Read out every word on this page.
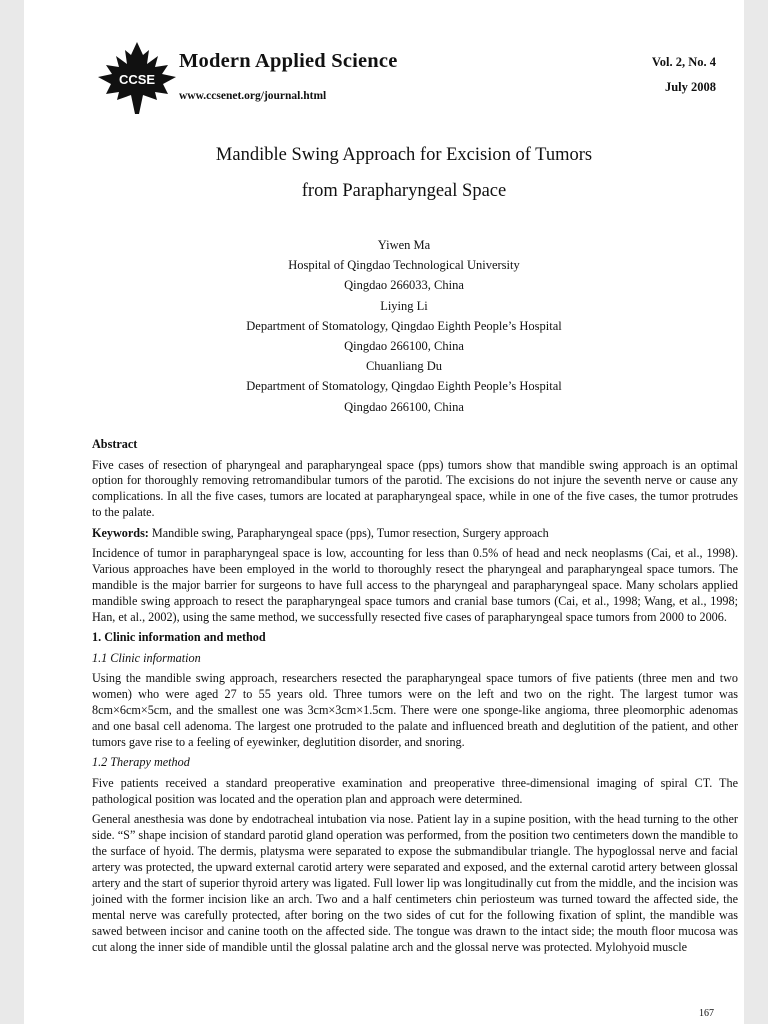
CCSE
Modern Applied Science
www.ccsenet.org/journal.html
Vol. 2, No. 4
July 2008
Mandible Swing Approach for Excision of Tumors
from Parapharyngeal Space
Yiwen Ma
Hospital of Qingdao Technological University
Qingdao 266033, China
Liying Li
Department of Stomatology, Qingdao Eighth People’s Hospital
Qingdao 266100, China
Chuanliang Du
Department of Stomatology, Qingdao Eighth People’s Hospital
Qingdao 266100, China
Abstract

Five cases of resection of pharyngeal and parapharyngeal space (pps) tumors show that mandible swing approach is an optimal option for thoroughly removing retromandibular tumors of the parotid. The excisions do not injure the seventh nerve or cause any complications. In all the five cases, tumors are located at parapharyngeal space, while in one of the five cases, the tumor protrudes to the palate.

Keywords: Mandible swing, Parapharyngeal space (pps), Tumor resection, Surgery approach

Incidence of tumor in parapharyngeal space is low, accounting for less than 0.5% of head and neck neoplasms (Cai, et al., 1998). Various approaches have been employed in the world to thoroughly resect the pharyngeal and parapharyngeal space tumors. The mandible is the major barrier for surgeons to have full access to the pharyngeal and parapharyngeal space. Many scholars applied mandible swing approach to resect the parapharyngeal space tumors and cranial base tumors (Cai, et al., 1998; Wang, et al., 1998; Han, et al., 2002), using the same method, we successfully resected five cases of parapharyngeal space tumors from 2000 to 2006.

1. Clinic information and method
1.1 Clinic information

Using the mandible swing approach, researchers resected the parapharyngeal space tumors of five patients (three men and two women) who were aged 27 to 55 years old. Three tumors were on the left and two on the right. The largest tumor was 8cm×6cm×5cm, and the smallest one was 3cm×3cm×1.5cm. There were one sponge-like angioma, three pleomorphic adenomas and one basal cell adenoma. The largest one protruded to the palate and influenced breath and deglutition of the patient, and other tumors gave rise to a feeling of eyewinker, deglutition disorder, and snoring.

1.2 Therapy method

Five patients received a standard preoperative examination and preoperative three-dimensional imaging of spiral CT. The pathological position was located and the operation plan and approach were determined.

General anesthesia was done by endotracheal intubation via nose. Patient lay in a supine position, with the head turning to the other side. “S” shape incision of standard parotid gland operation was performed, from the position two centimeters down the mandible to the surface of hyoid. The dermis, platysma were separated to expose the submandibular triangle. The hypoglossal nerve and facial artery was protected, the upward external carotid artery were separated and exposed, and the external carotid artery between glossal artery and the start of superior thyroid artery was ligated. Full lower lip was longitudinally cut from the middle, and the incision was joined with the former incision like an arch. Two and a half centimeters chin periosteum was turned toward the affected side, the mental nerve was carefully protected, after boring on the two sides of cut for the following fixation of splint, the mandible was sawed between incisor and canine tooth on the affected side. The tongue was drawn to the intact side; the mouth floor mucosa was cut along the inner side of mandible until the glossal palatine arch and the glossal nerve was protected. Mylohyoid muscle

167
